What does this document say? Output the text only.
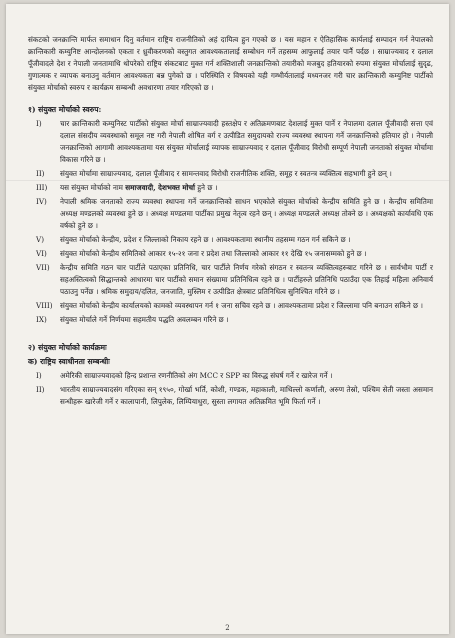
संकटको जनक्रान्ति मार्फत समाधान दिनु वर्तमान राष्ट्रिय राजनीतिको अहं दायित्व हुन गएको छ । यस महान र ऐतिहासिक कार्यलाई सम्पादन गर्न नेपालको क्रान्तिकारी कम्युनिष्ट आन्दोलनको एकता र ध्रुवीकरणको वस्तुगत आवश्यकतालाई सम्बोधन गर्ने तहसम्म आफुलाई तयार पार्नै पर्दछ । साम्राज्यवाद र दलाल पूँजीवादले देश र नेपाली जनतामाथि थोपरेको राष्ट्रिय संकटबाट मुक्त गर्न शक्तिशाली जनक्रान्तिको तयारीको मजबुद हतियारको रुपमा संयुक्त मोर्चालाई सुदृढ, गुणात्मक र व्यापक बनाउनु वर्तमान आवश्यकता बन्न पुगेको छ । परिस्थिति र विषयको यही गम्भीर्यतालाई मध्यनजर गरी चार क्रान्तिकारी कम्युनिष्ट पार्टीको संयुक्त मोर्चाको स्वरुप र कार्यक्रम सम्बन्धी अवधारणा तयार गरिएको छ ।

१) संयुक्त मोर्चाको स्वरुप:
I)	चार क्रान्तिकारी कम्युनिस्ट पार्टीको संयुक्त मोर्चा साम्राज्यवादी हस्तक्षेप र अतिक्रमणबाट देशलाई मुक्त पार्ने र नेपालमा दलाल पूँजीवादी सत्ता एवं दलाल संसदीय व्यवस्थाको समूल नष्ट गरी नेपाली शोषित वर्ग र उत्पीडित समुदायको राज्य व्यवस्था स्थापना गर्ने जनक्रान्तिको हतियार हो । नेपाली जनक्रान्तिको आगामी आवश्यकतामा यस संयुक्त मोर्चालाई व्यापक साम्राज्यवाद र दलाल पूँजीवाद विरोधी सम्पूर्ण नेपाली जनताको संयुक्त मोर्चामा विकास गरिने छ ।
II)	संयुक्त मोर्चामा साम्राज्यवाद, दलाल पूँजीवाद र सामन्तवाद विरोधी राजनीतिक शक्ति, समूह र स्वतन्त्र व्यक्तित्व सहभागी हुने छन् ।
III)	यस संयुक्त मोर्चाको नाम समाजवादी, देशभक्त मोर्चा हुने छ ।
IV)	नेपाली श्रमिक जनताको राज्य व्यवस्था स्थापना गर्ने जनक्रान्तिको साधन भएकोले संयुक्त मोर्चाको केन्द्रीय समिति हुने छ । केन्द्रीय समितिमा अध्यक्ष मण्डलको व्यवस्था हुने छ । अध्यक्ष मण्डलमा पार्टीका प्रमुख नेतृत्व रहने छन् । अध्यक्ष मण्डलले अध्यक्ष तोक्ने छ । अध्यक्षको कार्यावधि एक वर्षको हुने छ ।
V)	संयुक्त मोर्चाको केन्द्रीय, प्रदेश र जिल्लाको निकाय रहने छ । आवश्यकतामा स्थानीय तहसम्म गठन गर्न सकिने छ ।
VI)	संयुक्त मोर्चाको केन्द्रीय समितिको आकार १५-२१ जना र प्रदेश तथा जिल्लाको आकार ११ देखि १५ जनासम्मको हुने छ ।
VII)	केन्द्रीय समिति गठन चार पार्टीले पठाएका प्रतिनिधि, चार पार्टीले निर्णय गरेको संगठन र स्वतन्त्र व्यक्तित्वहरुबाट गरिने छ । सार्वभौम पार्टी र सहअस्तित्वको सिद्धान्तको आधारमा चार पार्टीको समान संख्यामा प्रतिनिधित्व रहने छ । पार्टीहरुले प्रतिनिधि पठाउँदा एक तिहाई महिला अनिवार्य पठाउनु पर्नेछ । श्रमिक समुदाय/दलित, जनजाति, मुस्लिम र उत्पीडित क्षेत्रबाट प्रतिनिधित्व सुनिश्चित गरिने छ ।
VIII)	संयुक्त मोर्चाको केन्द्रीय कार्यालयको कामको व्यवस्थापन गर्न १ जना सचिव रहने छ । आवश्यकतामा प्रदेश र जिल्लामा पनि बनाउन सकिने छ ।
IX)	संयुक्त मोर्चाले गर्ने निर्णयमा सहमतीय पद्धति अवलम्बन गरिने छ ।
२) संयुक्त मोर्चाको कार्यक्रमः
क) राष्ट्रिय स्वाधीनता सम्बन्धीः
I)	अमेरिकी साम्राज्यवादको हिन्द प्रशान्त रणनीतिको अंग MCC र SPP का विरुद्ध संघर्ष गर्ने र खारेज गर्ने ।
II)	भारतीय साम्राज्यवादसंग गरिएका सन् १९५०, गोर्खा भर्ति, कोशी, गण्डक, महाकाली, माथिल्लो कर्णाली, अरुण तेस्रो, पश्चिम सेती जस्ता असमान सन्धीहरू खारेजी गर्ने र कालापानी, लिपुलेक, लिम्पियाधुरा, सुस्ता लगायत अतिक्रमित भूमि फिर्ता गर्ने ।
2
